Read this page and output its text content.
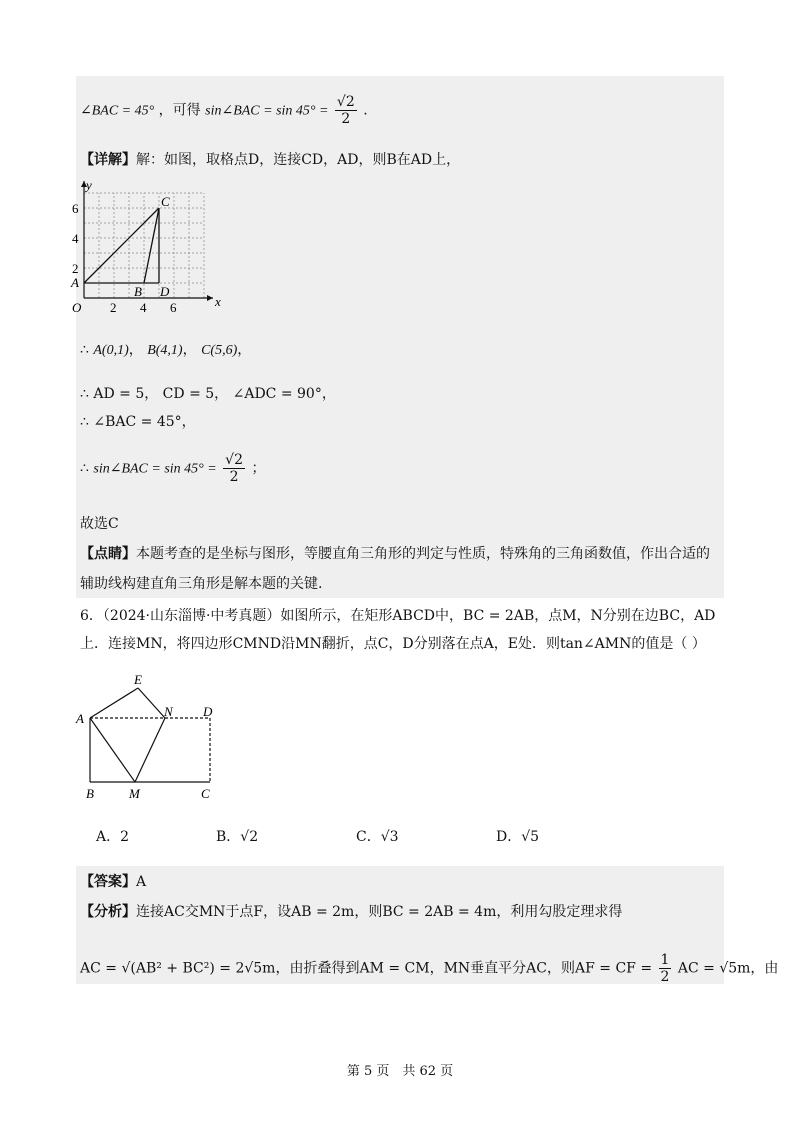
∠BAC = 45° ，可得 sin∠BAC = $\sin 45^\circ = \frac{√2}{2}$ .
【详解】解：如图，取格点D，连接CD，AD，则B在AD上，
y
x
O
6
4
2
2 4 6
A
B
C
D
∴ A(0,1)， B(4,1)， C(5,6)，
∴ AD = 5， CD = 5， ∠ADC = 90°，
∴ ∠BAC = 45°，
∴ sin∠BAC = $\sin 45^\circ = \frac{√2}{2}$ ；
故选C
【点睛】本题考查的是坐标与图形，等腰直角三角形的判定与性质，特殊角的三角函数值，作出合适的
辅助线构建直角三角形是解本题的关键.
6．（2024·山东淄博·中考真题）如图所示，在矩形ABCD中，BC = 2AB，点M，N分别在边BC，AD
上．连接MN，将四边形CMND沿MN翻折，点C，D分别落在点A，E处．则tan∠AMN的值是（ ）
E
A	N D
B	M	C
A．2	B．√2	C．√3	D．√5
【答案】A
【分析】连接AC交MN于点F，设AB = 2m，则BC = 2AB = 4m，利用勾股定理求得
AC = √(AB² + BC²) = 2√5m，由折叠得到AM = CM，MN垂直平分AC，则AF = CF = $\frac{1}{2}$ AC = √5m，由
第 5 页　共 62 页
